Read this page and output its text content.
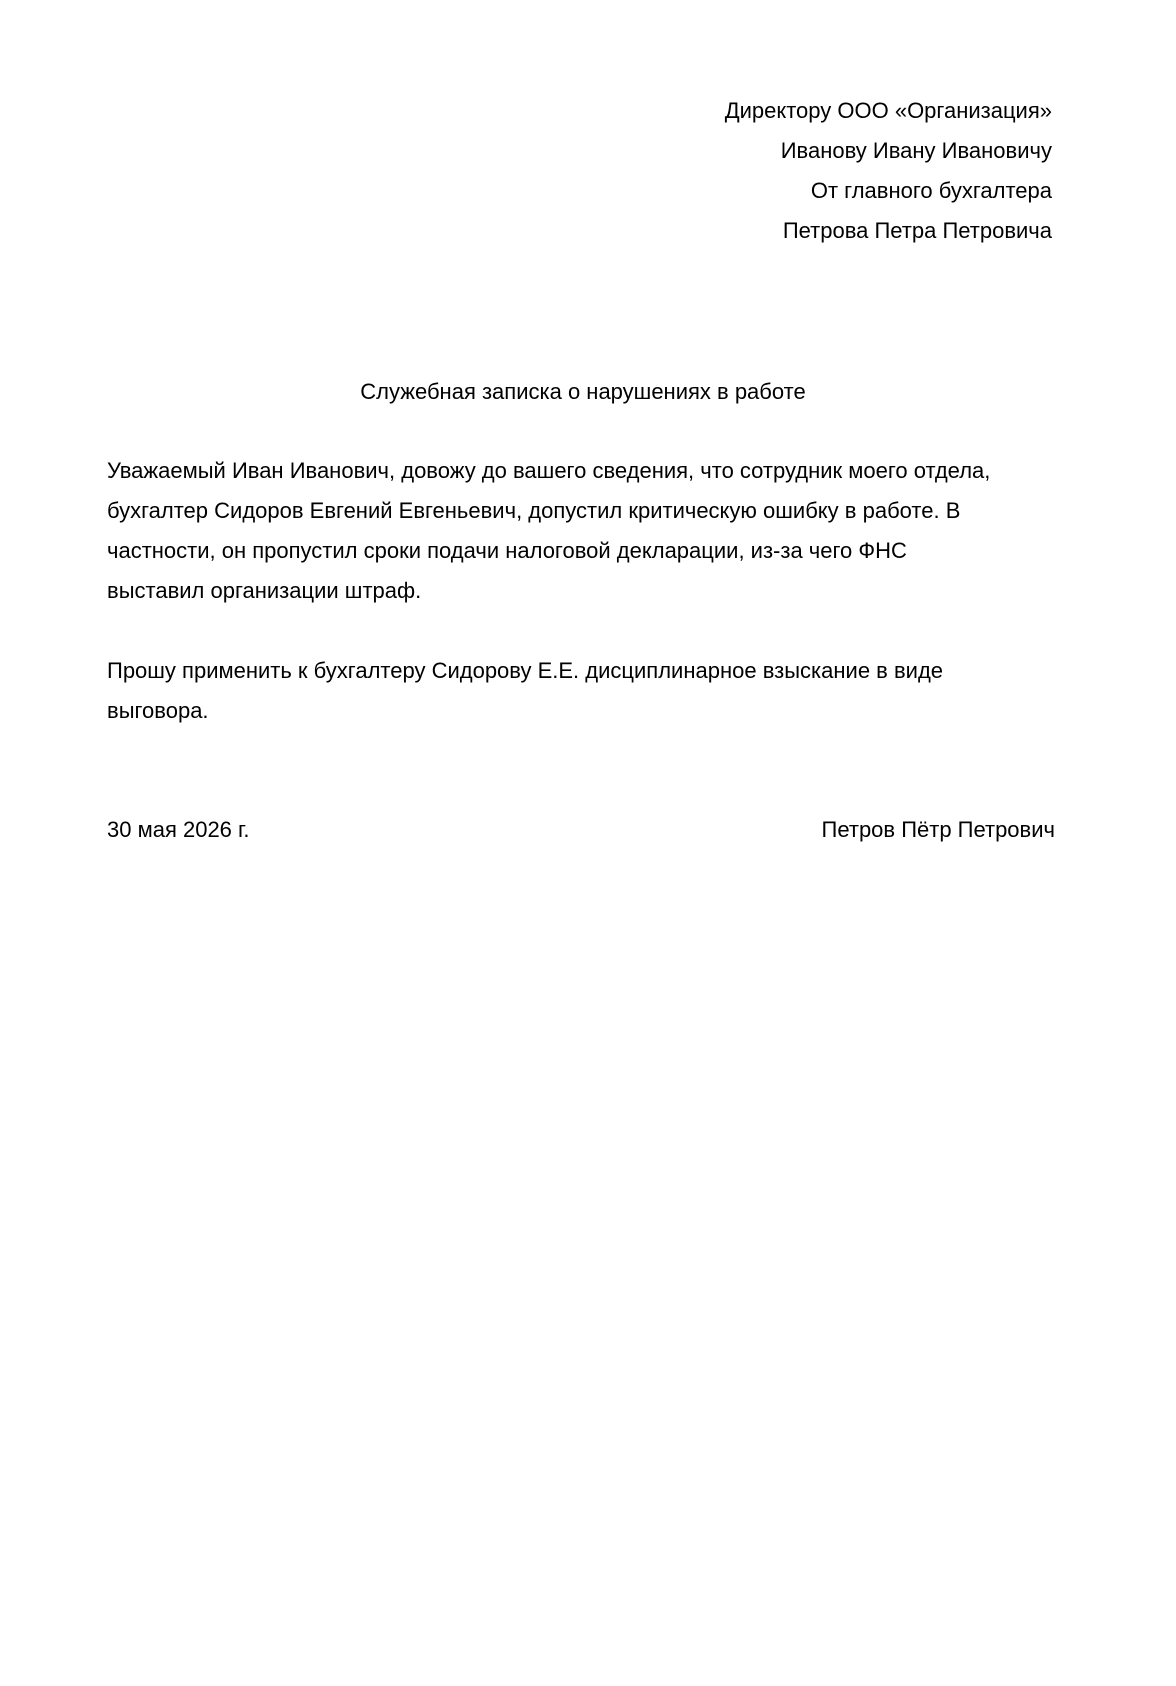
Директору ООО «Организация»
Иванову Ивану Ивановичу
От главного бухгалтера
Петрова Петра Петровича
Служебная записка о нарушениях в работе
Уважаемый Иван Иванович, довожу до вашего сведения, что сотрудник моего отдела,
бухгалтер Сидоров Евгений Евгеньевич, допустил критическую ошибку в работе. В
частности, он пропустил сроки подачи налоговой декларации, из-за чего ФНС
выставил организации штраф.
Прошу применить к бухгалтеру Сидорову Е.Е. дисциплинарное взыскание в виде
выговора.
30 мая 2026 г.	Петров Пётр Петрович
